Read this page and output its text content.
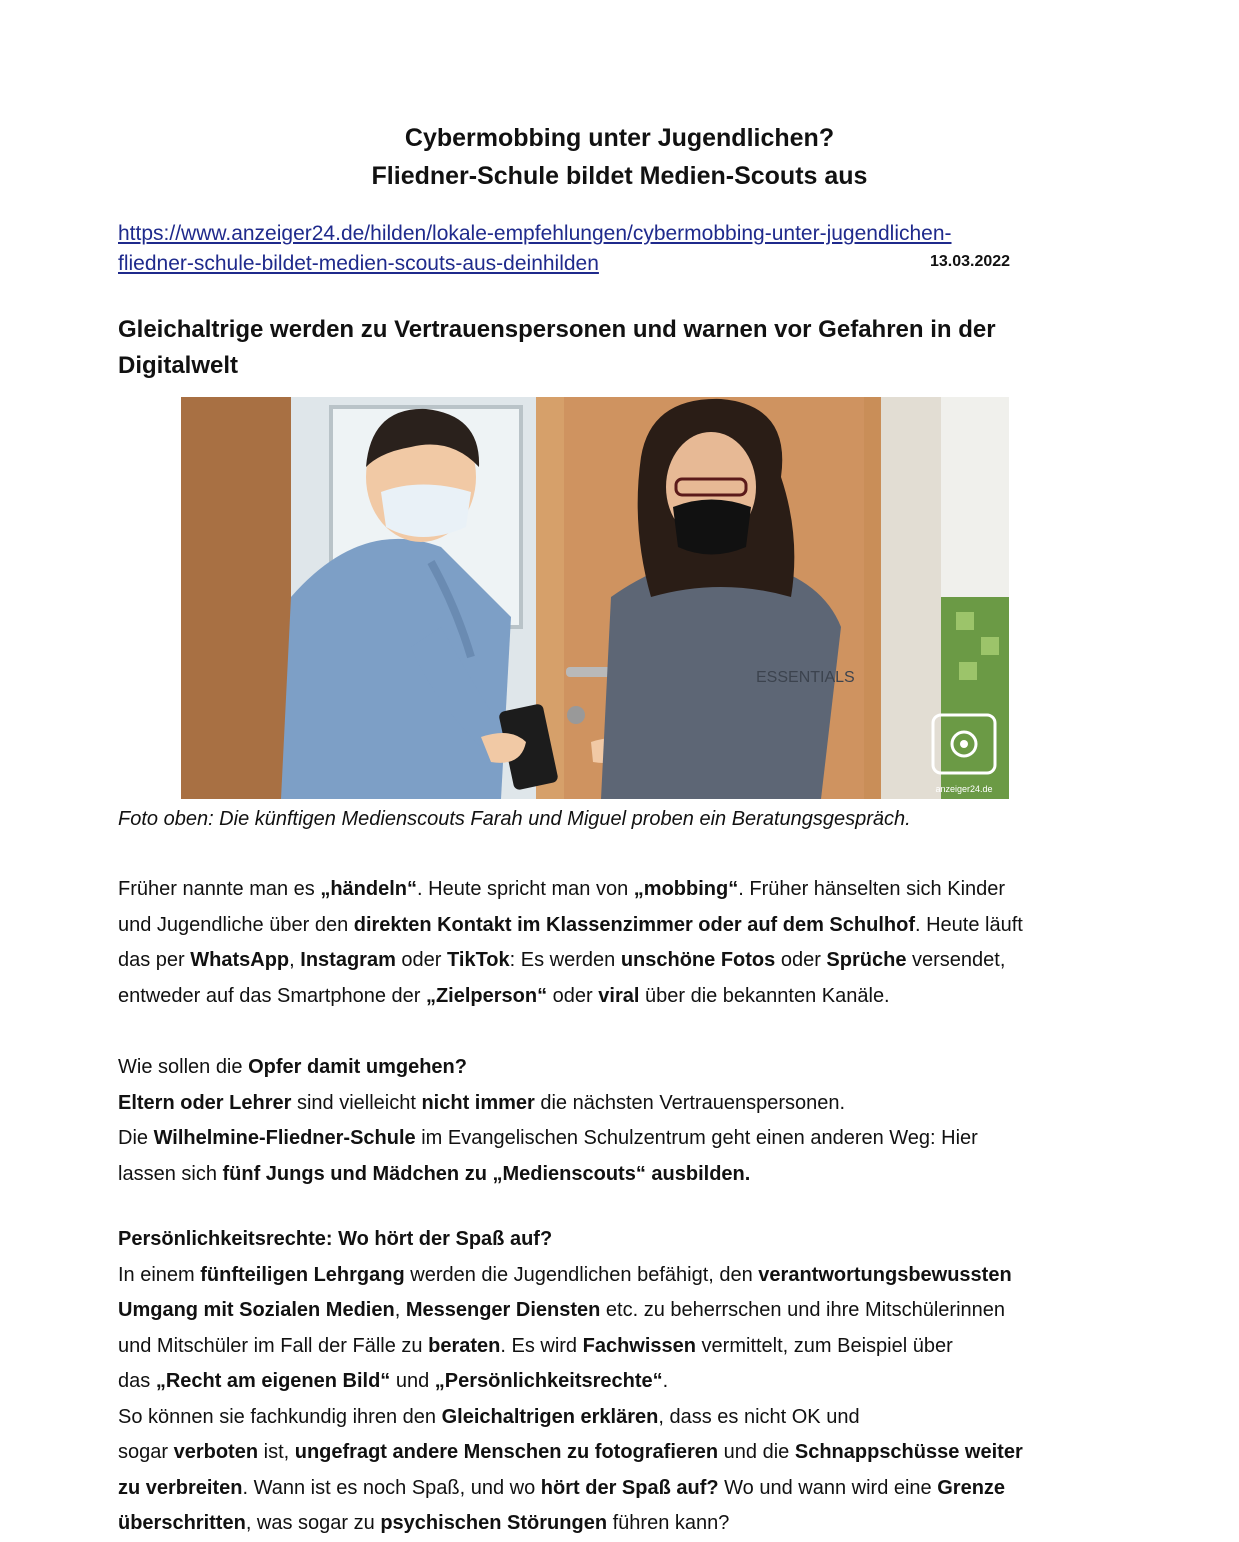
Cybermobbing unter Jugendlichen?
Fliedner-Schule bildet Medien-Scouts aus
https://www.anzeiger24.de/hilden/lokale-empfehlungen/cybermobbing-unter-jugendlichen-
fliedner-schule-bildet-medien-scouts-aus-deinhilden	13.03.2022
Gleichaltrige werden zu Vertrauenspersonen und warnen vor Gefahren in der Digitalwelt
ESSENTIALS
anzeiger24.de
Foto oben: Die künftigen Medienscouts Farah und Miguel proben ein Beratungsgespräch.
Früher nannte man es „händeln“. Heute spricht man von „mobbing“. Früher hänselten sich Kinder
und Jugendliche über den direkten Kontakt im Klassenzimmer oder auf dem Schulhof. Heute läuft
das per WhatsApp, Instagram oder TikTok: Es werden unschöne Fotos oder Sprüche versendet,
entweder auf das Smartphone der „Zielperson“ oder viral über die bekannten Kanäle.
Wie sollen die Opfer damit umgehen?
Eltern oder Lehrer sind vielleicht nicht immer die nächsten Vertrauenspersonen.
Die Wilhelmine-Fliedner-Schule im Evangelischen Schulzentrum geht einen anderen Weg: Hier
lassen sich fünf Jungs und Mädchen zu „Medienscouts“ ausbilden.
Persönlichkeitsrechte: Wo hört der Spaß auf?
In einem fünfteiligen Lehrgang werden die Jugendlichen befähigt, den verantwortungsbewussten
Umgang mit Sozialen Medien, Messenger Diensten etc. zu beherrschen und ihre Mitschülerinnen
und Mitschüler im Fall der Fälle zu beraten. Es wird Fachwissen vermittelt, zum Beispiel über
das „Recht am eigenen Bild“ und „Persönlichkeitsrechte“.
So können sie fachkundig ihren den Gleichaltrigen erklären, dass es nicht OK und
sogar verboten ist, ungefragt andere Menschen zu fotografieren und die Schnappschüsse weiter
zu verbreiten. Wann ist es noch Spaß, und wo hört der Spaß auf? Wo und wann wird eine Grenze
überschritten, was sogar zu psychischen Störungen führen kann?
